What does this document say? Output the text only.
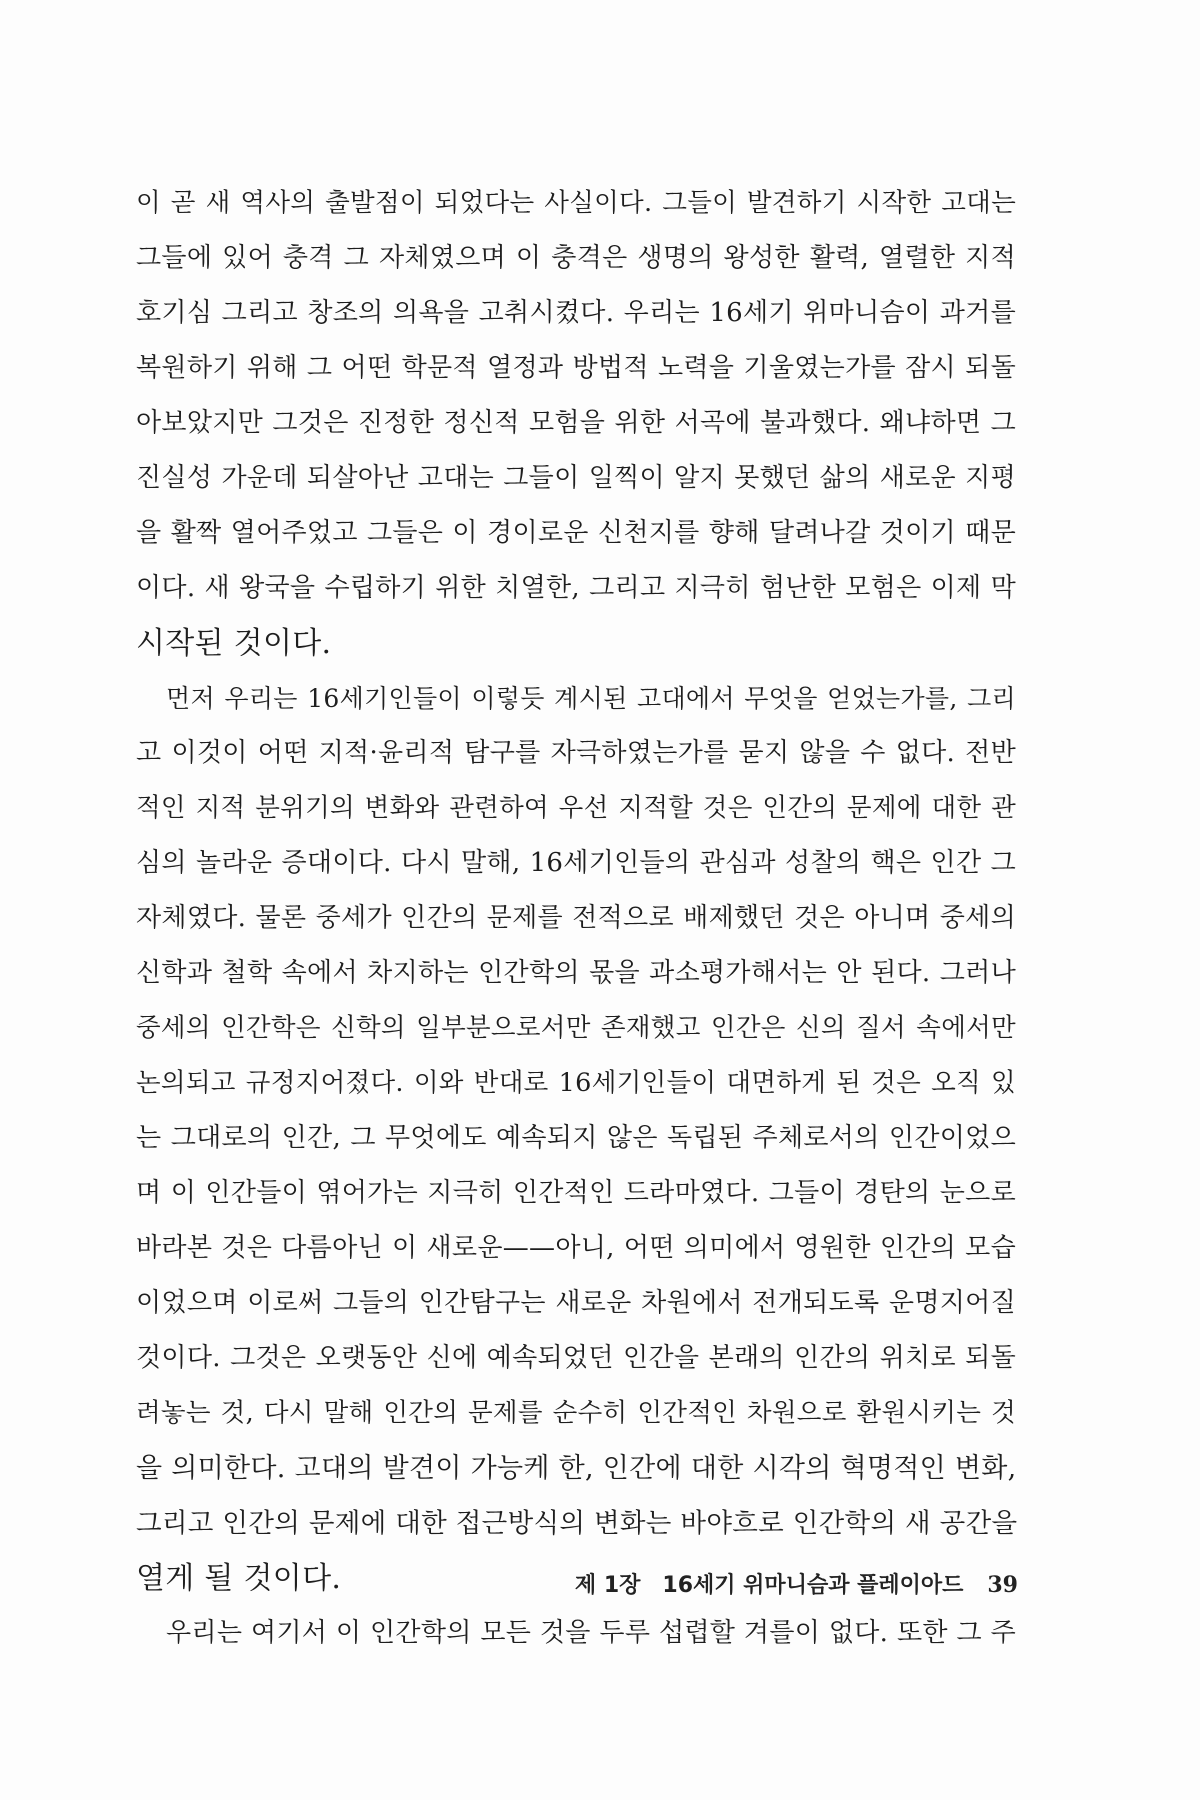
이 곧 새 역사의 출발점이 되었다는 사실이다. 그들이 발견하기 시작한 고대는
그들에 있어 충격 그 자체였으며 이 충격은 생명의 왕성한 활력, 열렬한 지적
호기심 그리고 창조의 의욕을 고취시켰다. 우리는 16세기 위마니슴이 과거를
복원하기 위해 그 어떤 학문적 열정과 방법적 노력을 기울였는가를 잠시 되돌
아보았지만 그것은 진정한 정신적 모험을 위한 서곡에 불과했다. 왜냐하면 그
진실성 가운데 되살아난 고대는 그들이 일찍이 알지 못했던 삶의 새로운 지평
을 활짝 열어주었고 그들은 이 경이로운 신천지를 향해 달려나갈 것이기 때문
이다. 새 왕국을 수립하기 위한 치열한, 그리고 지극히 험난한 모험은 이제 막
시작된 것이다.
먼저 우리는 16세기인들이 이렇듯 계시된 고대에서 무엇을 얻었는가를, 그리
고 이것이 어떤 지적·윤리적 탐구를 자극하였는가를 묻지 않을 수 없다. 전반
적인 지적 분위기의 변화와 관련하여 우선 지적할 것은 인간의 문제에 대한 관
심의 놀라운 증대이다. 다시 말해, 16세기인들의 관심과 성찰의 핵은 인간 그
자체였다. 물론 중세가 인간의 문제를 전적으로 배제했던 것은 아니며 중세의
신학과 철학 속에서 차지하는 인간학의 몫을 과소평가해서는 안 된다. 그러나
중세의 인간학은 신학의 일부분으로서만 존재했고 인간은 신의 질서 속에서만
논의되고 규정지어졌다. 이와 반대로 16세기인들이 대면하게 된 것은 오직 있
는 그대로의 인간, 그 무엇에도 예속되지 않은 독립된 주체로서의 인간이었으
며 이 인간들이 엮어가는 지극히 인간적인 드라마였다. 그들이 경탄의 눈으로
바라본 것은 다름아닌 이 새로운——아니, 어떤 의미에서 영원한 인간의 모습
이었으며 이로써 그들의 인간탐구는 새로운 차원에서 전개되도록 운명지어질
것이다. 그것은 오랫동안 신에 예속되었던 인간을 본래의 인간의 위치로 되돌
려놓는 것, 다시 말해 인간의 문제를 순수히 인간적인 차원으로 환원시키는 것
을 의미한다. 고대의 발견이 가능케 한, 인간에 대한 시각의 혁명적인 변화,
그리고 인간의 문제에 대한 접근방식의 변화는 바야흐로 인간학의 새 공간을
열게 될 것이다.
우리는 여기서 이 인간학의 모든 것을 두루 섭렵할 겨를이 없다. 또한 그 주
제 1장 16세기 위마니슴과 플레이아드 39
